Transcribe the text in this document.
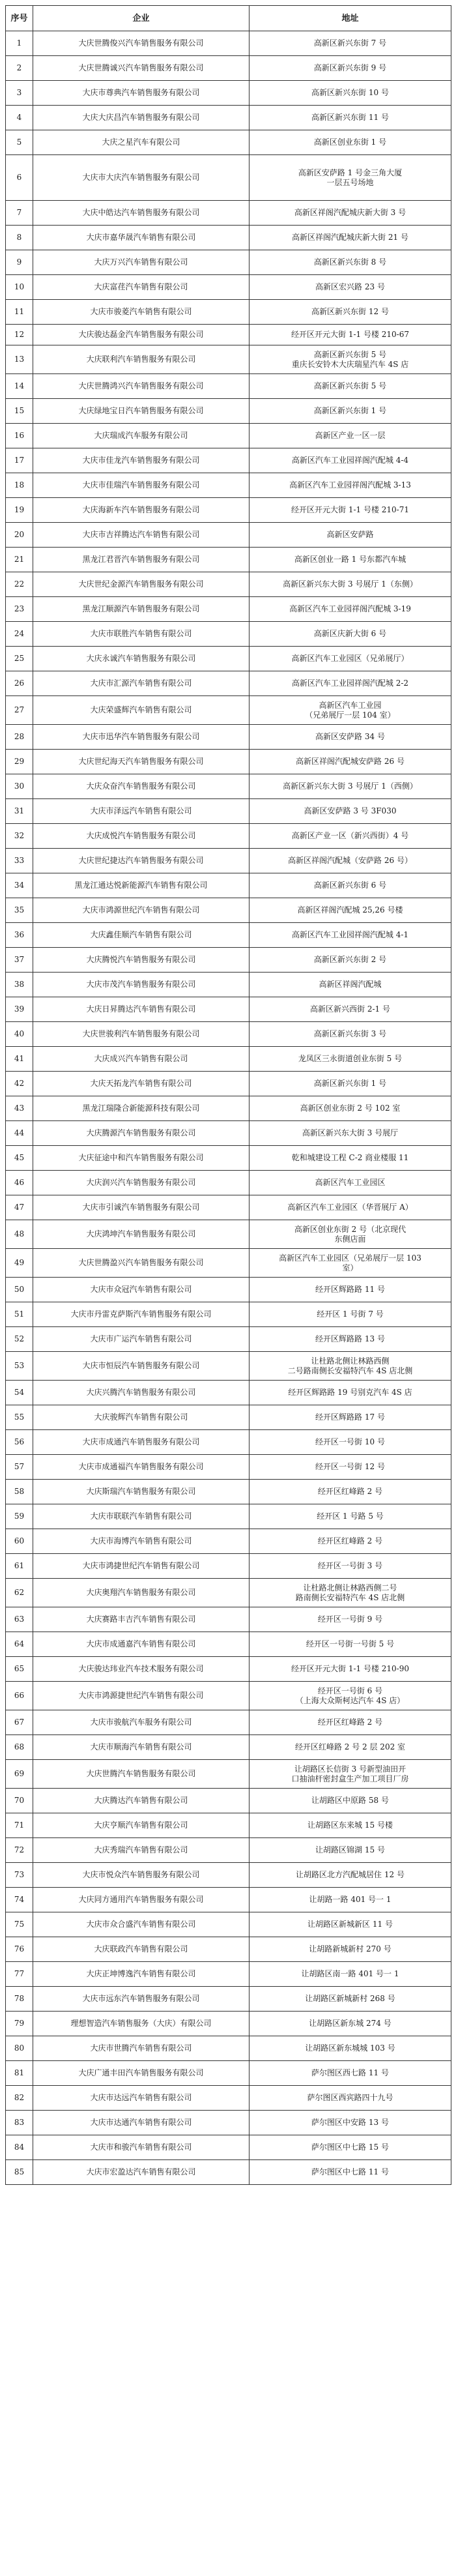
序号	企业	地址
1	大庆世腾俊兴汽车销售服务有限公司	高新区新兴东街 7 号
2	大庆世腾诚兴汽车销售服务有限公司	高新区新兴东街 9 号
3	大庆市尊典汽车销售服务有限公司	高新区新兴东街 10 号
4	大庆大庆昌汽车销售服务有限公司	高新区新兴东街 11 号
5	大庆之星汽车有限公司	高新区创业东街 1 号
6	大庆市大庆汽车销售服务有限公司	高新区安萨路 1 号金三角大厦
一层五号场地
7	大庆中皓达汽车销售服务有限公司	高新区祥阁汽配城庆新大街 3 号
8	大庆市嘉华晟汽车销售有限公司	高新区祥阁汽配城庆新大街 21 号
9	大庆万兴汽车销售有限公司	高新区新兴东街 8 号
10	大庆富荏汽车销售有限公司	高新区宏兴路 23 号
11	大庆市骏菱汽车销售有限公司	高新区新兴东街 12 号
12	大庆骏达磊金汽车销售服务有限公司	经开区开元大街 1-1 号楼 210-67
13	大庆联利汽车销售服务有限公司	高新区新兴东街 5 号
重庆长安铃木大庆瑞星汽车 4S 店
14	大庆世腾鸿兴汽车销售服务有限公司	高新区新兴东街 5 号
15	大庆绿地宝日汽车销售服务有限公司	高新区新兴东街 1 号
16	大庆瑞成汽车服务有限公司	高新区产业一区一层
17	大庆市佳龙汽车销售服务有限公司	高新区汽车工业园祥阁汽配城 4-4
18	大庆市佳瑞汽车销售服务有限公司	高新区汽车工业园祥阁汽配城 3-13
19	大庆海新车汽车销售服务有限公司	经开区开元大街 1-1 号楼 210-71
20	大庆市吉祥腾达汽车销售有限公司	高新区安萨路
21	黑龙江君晋汽车销售服务有限公司	高新区创业一路 1 号东都汽车城
22	大庆世纪金源汽车销售服务有限公司	高新区新兴东大街 3 号展厅 1（东侧）
23	黑龙江顺源汽车销售服务有限公司	高新区汽车工业园祥阁汽配城 3-19
24	大庆市联胜汽车销售有限公司	高新区庆新大街 6 号
25	大庆永诚汽车销售服务有限公司	高新区汽车工业园区（兄弟展厅）
26	大庆市汇源汽车销售有限公司	高新区汽车工业园祥阁汽配城 2-2
27	大庆荣盛辉汽车销售有限公司	高新区汽车工业园
（兄弟展厅一层 104 室）
28	大庆市迅华汽车销售服务有限公司	高新区安萨路 34 号
29	大庆世纪海天汽车销售服务有限公司	高新区祥阁汽配城安萨路 26 号
30	大庆众奋汽车销售服务有限公司	高新区新兴东大街 3 号展厅 1（西侧）
31	大庆市泽远汽车销售有限公司	高新区安萨路 3 号 3F030
32	大庆成悦汽车销售服务有限公司	高新区产业一区（新兴西街）4 号
33	大庆世纪捷达汽车销售服务有限公司	高新区祥阁汽配城（安萨路 26 号）
34	黑龙江通达悦新能源汽车销售有限公司	高新区新兴东街 6 号
35	大庆市鸿源世纪汽车销售有限公司	高新区祥阁汽配城 25,26 号楼
36	大庆鑫佳顺汽车销售有限公司	高新区汽车工业园祥阁汽配城 4-1
37	大庆腾悦汽车销售服务有限公司	高新区新兴东街 2 号
38	大庆市茂汽车销售服务有限公司	高新区祥阁汽配城
39	大庆日昇腾达汽车销售有限公司	高新区新兴西街 2-1 号
40	大庆世骏利汽车销售服务有限公司	高新区新兴东街 3 号
41	大庆成兴汽车销售有限公司	龙凤区三永街道创业东街 5 号
42	大庆天拓龙汽车销售有限公司	高新区新兴东街 1 号
43	黑龙江瑞隆合新能源科技有限公司	高新区创业东街 2 号 102 室
44	大庆腾源汽车销售服务有限公司	高新区新兴东大街 3 号展厅
45	大庆征途中和汽车销售服务有限公司	乾和城建设工程 C-2 商业楼服 11
46	大庆润兴汽车销售服务有限公司	高新区汽车工业园区
47	大庆市引诚汽车销售服务有限公司	高新区汽车工业园区（华晋展厅 A）
48	大庆鸿坤汽车销售服务有限公司	高新区创业东街 2 号（北京现代
东侧店面
49	大庆世腾盈兴汽车销售服务有限公司	高新区汽车工业园区（兄弟展厅一层 103
室）
50	大庆市众冠汽车销售有限公司	经开区辉路路 11 号
51	大庆市丹雷克萨斯汽车销售服务有限公司	经开区 1 号街 7 号
52	大庆市广运汽车销售有限公司	经开区辉路路 13 号
53	大庆市恒辰汽车销售服务有限公司	让杜路北侧让林路西侧
二号路南侧长安福特汽车 4S 店北侧
54	大庆兴腾汽车销售服务有限公司	经开区辉路路 19 号别克汽车 4S 店
55	大庆骏辉汽车销售有限公司	经开区辉路路 17 号
56	大庆市成通汽车销售服务有限公司	经开区一号街 10 号
57	大庆市成通福汽车销售服务有限公司	经开区一号街 12 号
58	大庆斯瑞汽车销售服务有限公司	经开区红峰路 2 号
59	大庆市联联汽车销售有限公司	经开区 1 号路 5 号
60	大庆市海博汽车销售有限公司	经开区红峰路 2 号
61	大庆市鸿捷世纪汽车销售有限公司	经开区一号街 3 号
62	大庆奥翔汽车销售服务有限公司	让杜路北侧让林路西侧二号
路南侧长安福特汽车 4S 店北侧
63	大庆赛路丰吉汽车销售有限公司	经开区一号街 9 号
64	大庆市成通嘉汽车销售有限公司	经开区一号街一号街 5 号
65	大庆骏达玮业汽车技术服务有限公司	经开区开元大街 1-1 号楼 210-90
66	大庆市鸿源捷世纪汽车销售有限公司	经开区一号街 6 号
（上海大众斯柯达汽车 4S 店）
67	大庆市骏航汽车服务有限公司	经开区红峰路 2 号
68	大庆市顺海汽车销售有限公司	经开区红峰路 2 号 2 层 202 室
69	大庆世腾汽车销售服务有限公司	让胡路区长信街 3 号新型油田开
口抽油杆密封盒生产加工项目厂房
70	大庆腾达汽车销售有限公司	让胡路区中原路 58 号
71	大庆亨顺汽车销售有限公司	让胡路区东来城 15 号楼
72	大庆秀瑞汽车销售有限公司	让胡路区锦湖 15 号
73	大庆市悦众汽车销售服务有限公司	让胡路区北方汽配城居住 12 号
74	大庆同方通用汽车销售服务有限公司	让胡路一路 401 号一 1
75	大庆市众合盛汽车销售有限公司	让胡路区新城新区 11 号
76	大庆联政汽车销售有限公司	让胡路新城新村 270 号
77	大庆正坤博逸汽车销售有限公司	让胡路区南一路 401 号一 1
78	大庆市远东汽车销售服务有限公司	让胡路区新城新村 268 号
79	理想智造汽车销售服务（大庆）有限公司	让胡路区新东城 274 号
80	大庆市世腾汽车销售有限公司	让胡路区新东城城 103 号
81	大庆广通丰田汽车销售服务有限公司	萨尔图区西七路 11 号
82	大庆市达远汽车销售有限公司	萨尔图区西宾路四十九号
83	大庆市达通汽车销售有限公司	萨尔图区中安路 13 号
84	大庆市和骏汽车销售有限公司	萨尔图区中七路 15 号
85	大庆市宏盈达汽车销售有限公司	萨尔图区中七路 11 号
